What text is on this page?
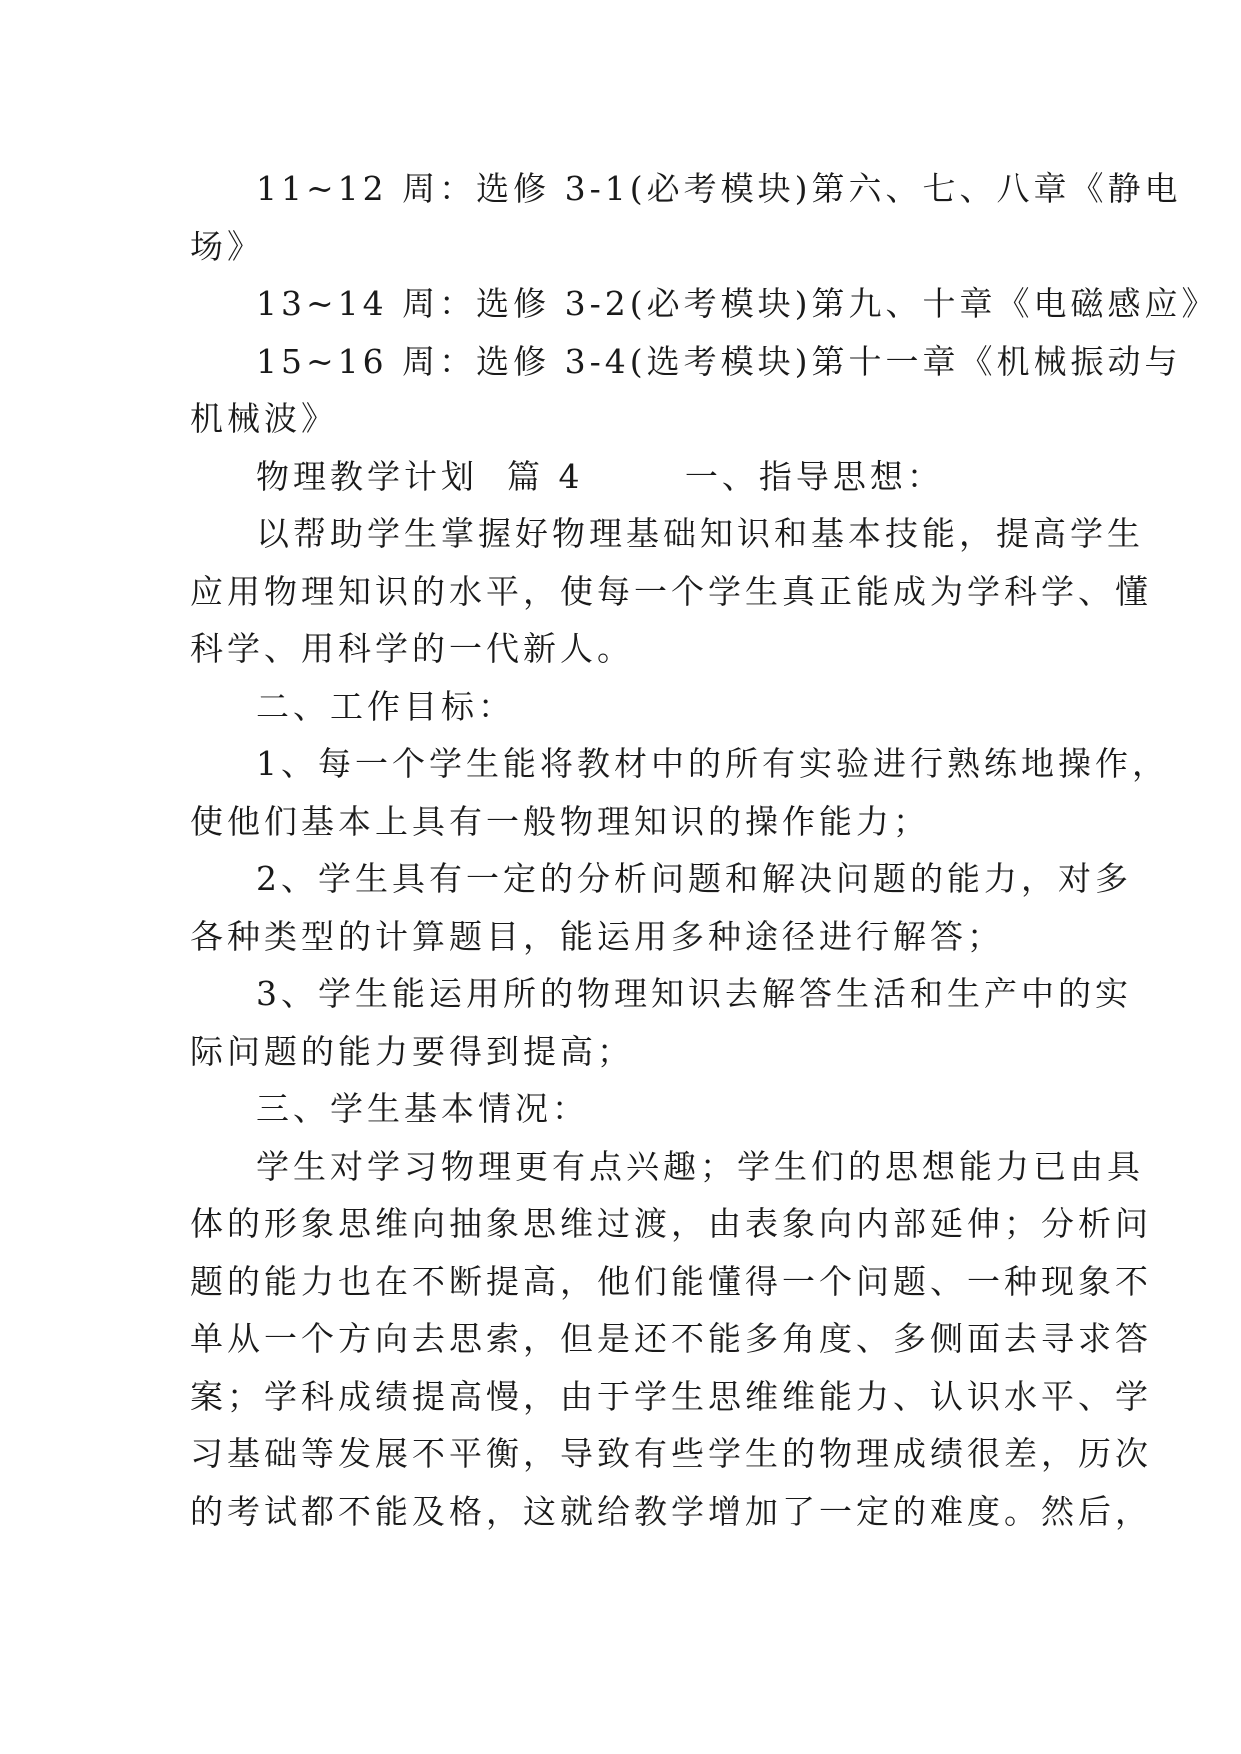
11~12 周：选修 3-1(必考模块)第六、七、八章《静电
场》
13~14 周：选修 3-2(必考模块)第九、十章《电磁感应》
15~16 周：选修 3-4(选考模块)第十一章《机械振动与
机械波》
物理教学计划  篇 4       一、指导思想：
以帮助学生掌握好物理基础知识和基本技能，提高学生
应用物理知识的水平，使每一个学生真正能成为学科学、懂
科学、用科学的一代新人。
二、工作目标：
1、每一个学生能将教材中的所有实验进行熟练地操作，
使他们基本上具有一般物理知识的操作能力；
2、学生具有一定的分析问题和解决问题的能力，对多
各种类型的计算题目，能运用多种途径进行解答；
3、学生能运用所的物理知识去解答生活和生产中的实
际问题的能力要得到提高；
三、学生基本情况：
学生对学习物理更有点兴趣；学生们的思想能力已由具
体的形象思维向抽象思维过渡，由表象向内部延伸；分析问
题的能力也在不断提高，他们能懂得一个问题、一种现象不
单从一个方向去思索，但是还不能多角度、多侧面去寻求答
案；学科成绩提高慢，由于学生思维维能力、认识水平、学
习基础等发展不平衡，导致有些学生的物理成绩很差，历次
的考试都不能及格，这就给教学增加了一定的难度。然后，
